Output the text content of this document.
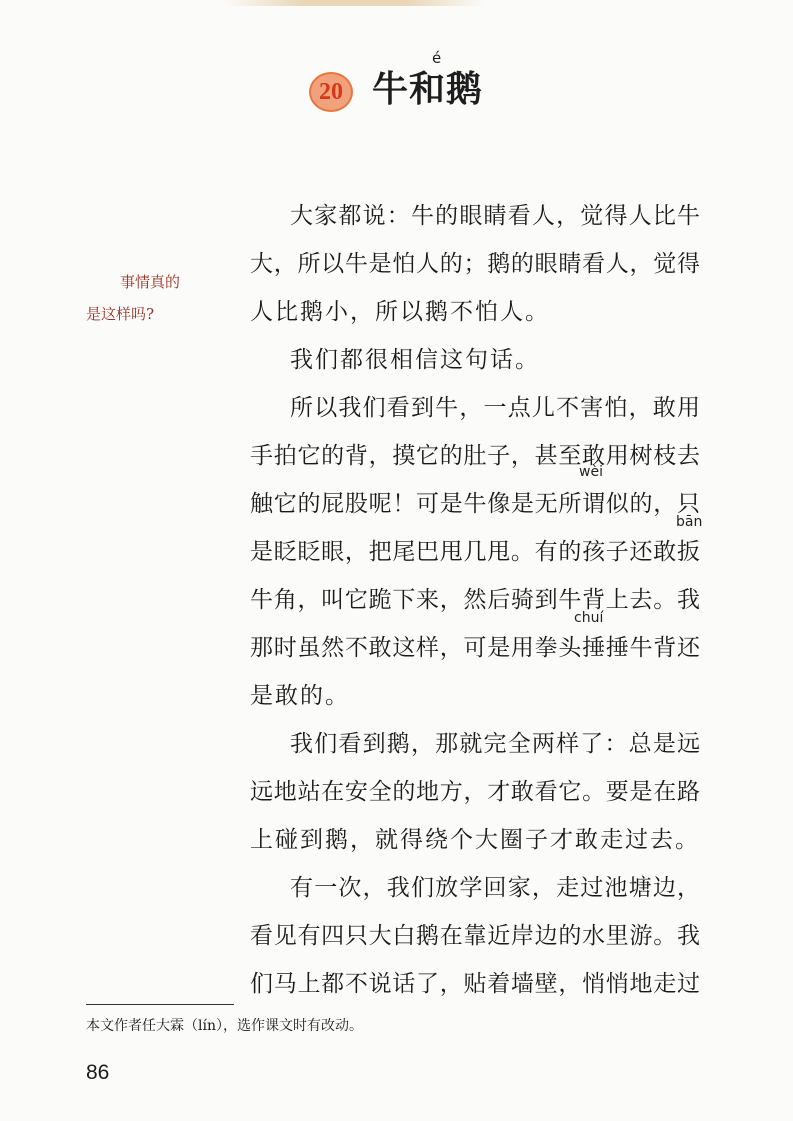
20
é
牛和鹅
事情真的
是这样吗?
大 家 都 说 ： 牛 的 眼 睛 看 人 ， 觉 得 人 比 牛
大 ， 所 以 牛 是 怕 人 的 ； 鹅 的 眼 睛 看 人 ， 觉 得
人 比 鹅 小 ， 所 以 鹅 不 怕 人 。
我 们 都 很 相 信 这 句 话 。
所 以 我 们 看 到 牛 ， 一 点 儿 不 害 怕 ， 敢 用
手 拍 它 的 背 ， 摸 它 的 肚 子 ， 甚 至 敢 用 树 枝 去
wèi
触 它 的 屁 股 呢 ！ 可 是 牛 像 是 无 所 谓 似 的 ， 只
bān
是 眨 眨 眼 ， 把 尾 巴 甩 几 甩 。 有 的 孩 子 还 敢 扳
牛 角 ， 叫 它 跪 下 来 ， 然 后 骑 到 牛 背 上 去 。 我
chuí
那 时 虽 然 不 敢 这 样 ， 可 是 用 拳 头 捶 捶 牛 背 还
是 敢 的 。
我 们 看 到 鹅 ， 那 就 完 全 两 样 了 ： 总 是 远
远 地 站 在 安 全 的 地 方 ， 才 敢 看 它 。 要 是 在 路
上 碰 到 鹅 ， 就 得 绕 个 大 圈 子 才 敢 走 过 去 。
有 一 次 ， 我 们 放 学 回 家 ， 走 过 池 塘 边 ，
看 见 有 四 只 大 白 鹅 在 靠 近 岸 边 的 水 里 游 。 我
们 马 上 都 不 说 话 了 ， 贴 着 墙 壁 ， 悄 悄 地 走 过
本文作者任大霖（lín），选作课文时有改动。
86
